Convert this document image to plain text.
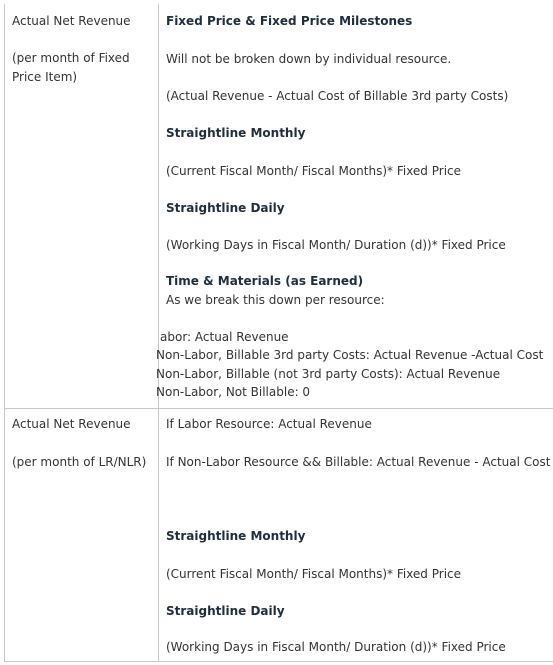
Actual Net Revenue
(per month of Fixed
Price Item)
Fixed Price & Fixed Price Milestones
Will not be broken down by individual resource.
(Actual Revenue - Actual Cost of Billable 3rd party Costs)
Straightline Monthly
(Current Fiscal Month/ Fiscal Months)* Fixed Price
Straightline Daily
(Working Days in Fiscal Month/ Duration (d))* Fixed Price
Time & Materials (as Earned)
As we break this down per resource:
abor: Actual Revenue
Non-Labor, Billable 3rd party Costs: Actual Revenue -Actual Cost
Non-Labor, Billable (not 3rd party Costs): Actual Revenue
Non-Labor, Not Billable: 0
Actual Net Revenue
(per month of LR/NLR)
If Labor Resource: Actual Revenue
If Non-Labor Resource && Billable: Actual Revenue - Actual Cost
Straightline Monthly
(Current Fiscal Month/ Fiscal Months)* Fixed Price
Straightline Daily
(Working Days in Fiscal Month/ Duration (d))* Fixed Price
